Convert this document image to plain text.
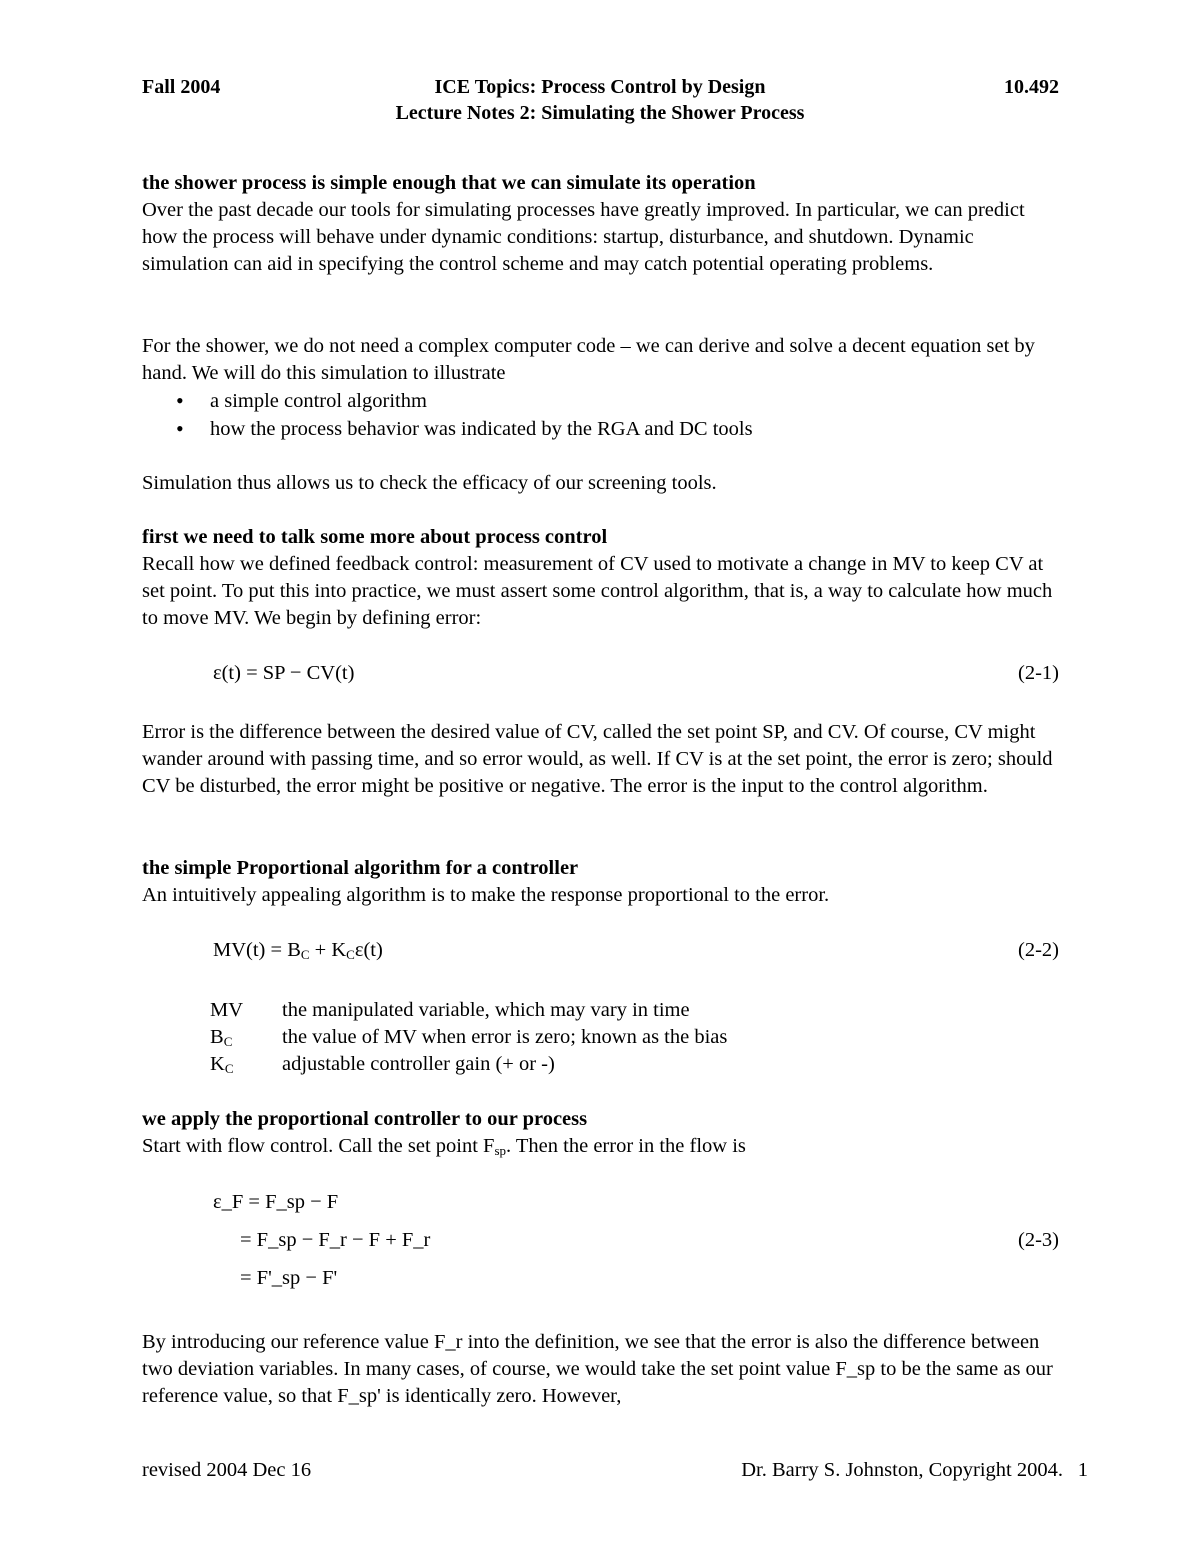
Fall 2004	ICE Topics: Process Control by Design	10.492
Lecture Notes 2: Simulating the Shower Process
the shower process is simple enough that we can simulate its operation

Over the past decade our tools for simulating processes have greatly improved. In particular, we can predict how the process will behave under dynamic conditions: startup, disturbance, and shutdown. Dynamic simulation can aid in specifying the control scheme and may catch potential operating problems.

For the shower, we do not need a complex computer code – we can derive and solve a decent equation set by hand. We will do this simulation to illustrate

• a simple control algorithm
• how the process behavior was indicated by the RGA and DC tools

Simulation thus allows us to check the efficacy of our screening tools.

first we need to talk some more about process control

Recall how we defined feedback control: measurement of CV used to motivate a change in MV to keep CV at set point. To put this into practice, we must assert some control algorithm, that is, a way to calculate how much to move MV. We begin by defining error:

ε(t) = SP − CV(t)	(2-1)

Error is the difference between the desired value of CV, called the set point SP, and CV. Of course, CV might wander around with passing time, and so error would, as well. If CV is at the set point, the error is zero; should CV be disturbed, the error might be positive or negative. The error is the input to the control algorithm.

the simple Proportional algorithm for a controller

An intuitively appealing algorithm is to make the response proportional to the error.

$MV(t) = B_C + K_C\varepsilon(t)$	(2-2)
MV the manipulated variable, which may vary in time
$B_C$ the value of MV when error is zero; known as the bias
$K_C$ adjustable controller gain (+ or -)
we apply the proportional controller to our process

Start with flow control. Call the set point $F_{sp}$. Then the error in the flow is

ε_F = F_sp − F
= F_sp − F_r − F + F_r	(2-3)
= F'_sp − F'

By introducing our reference value F_r into the definition, we see that the error is also the difference between two deviation variables. In many cases, of course, we would take the set point value F_sp to be the same as our reference value, so that F_sp' is identically zero. However,

revised 2004 Dec 16	Dr. Barry S. Johnston, Copyright 2004. 1
